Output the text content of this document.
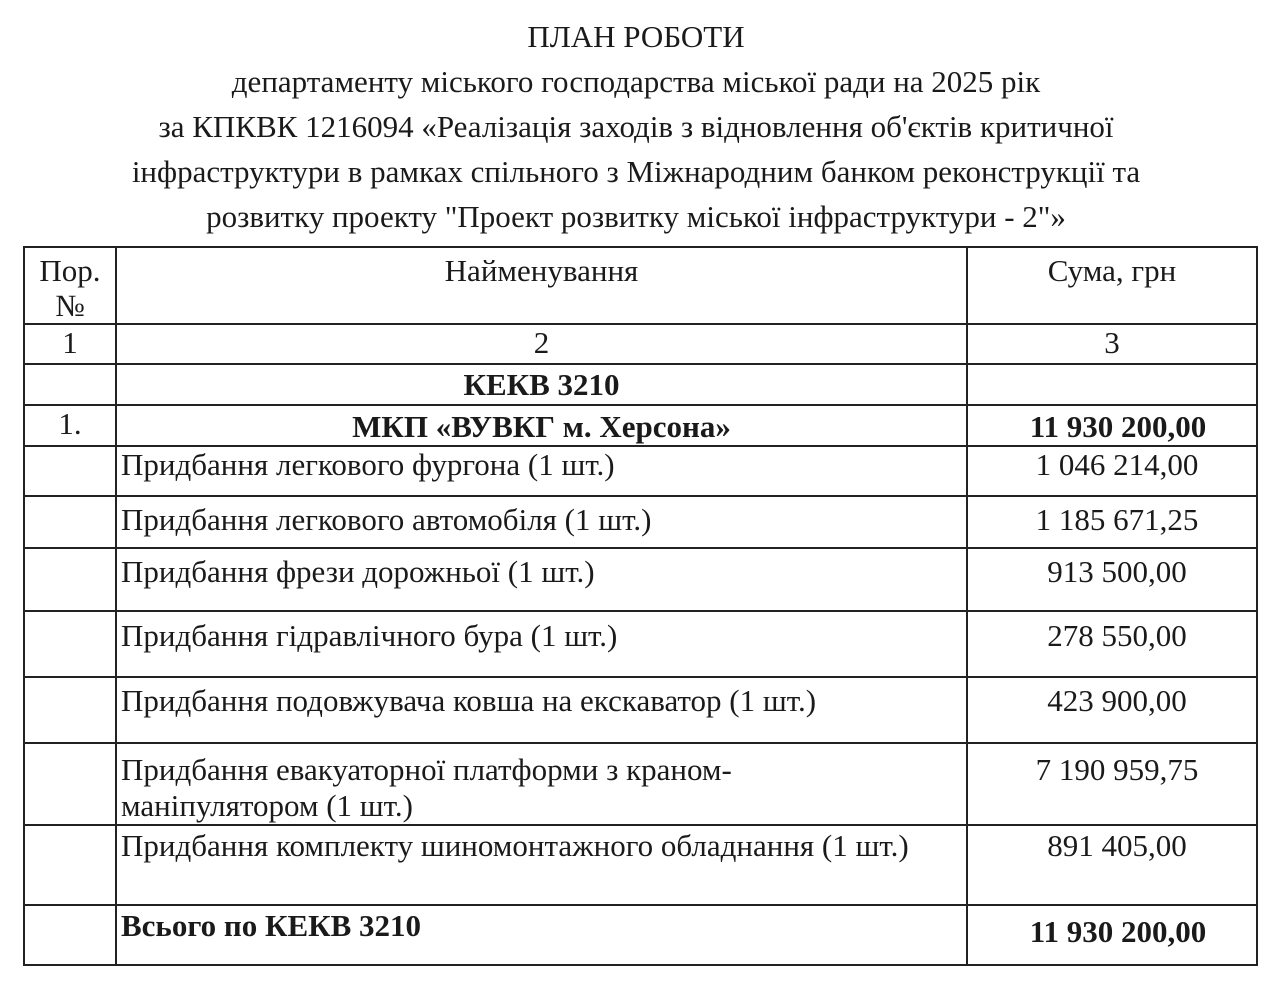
ПЛАН РОБОТИ
департаменту міського господарства міської ради на 2025 рік
за КПКВК 1216094 «Реалізація заходів з відновлення об'єктів критичної
інфраструктури в рамках спільного з Міжнародним банком реконструкції та
розвитку проекту "Проект розвитку міської інфраструктури - 2"»
Пор. №	Найменування	Сума, грн
1	2	3
	КЕКВ 3210	
1.	МКП «ВУВКГ м. Херсона»	11 930 200,00
	Придбання легкового фургона (1 шт.)	1 046 214,00
	Придбання легкового автомобіля (1 шт.)	1 185 671,25
	Придбання фрези дорожньої (1 шт.)	913 500,00
	Придбання гідравлічного бура (1 шт.)	278 550,00
	Придбання подовжувача ковша на екскаватор (1 шт.)	423 900,00

	Придбання евакуаторної платформи з краном-маніпулятором (1 шт.)	7 190 959,75

	Придбання комплекту шиномонтажного обладнання (1 шт.)	891 405,00
	Всього по КЕКВ 3210	11 930 200,00
